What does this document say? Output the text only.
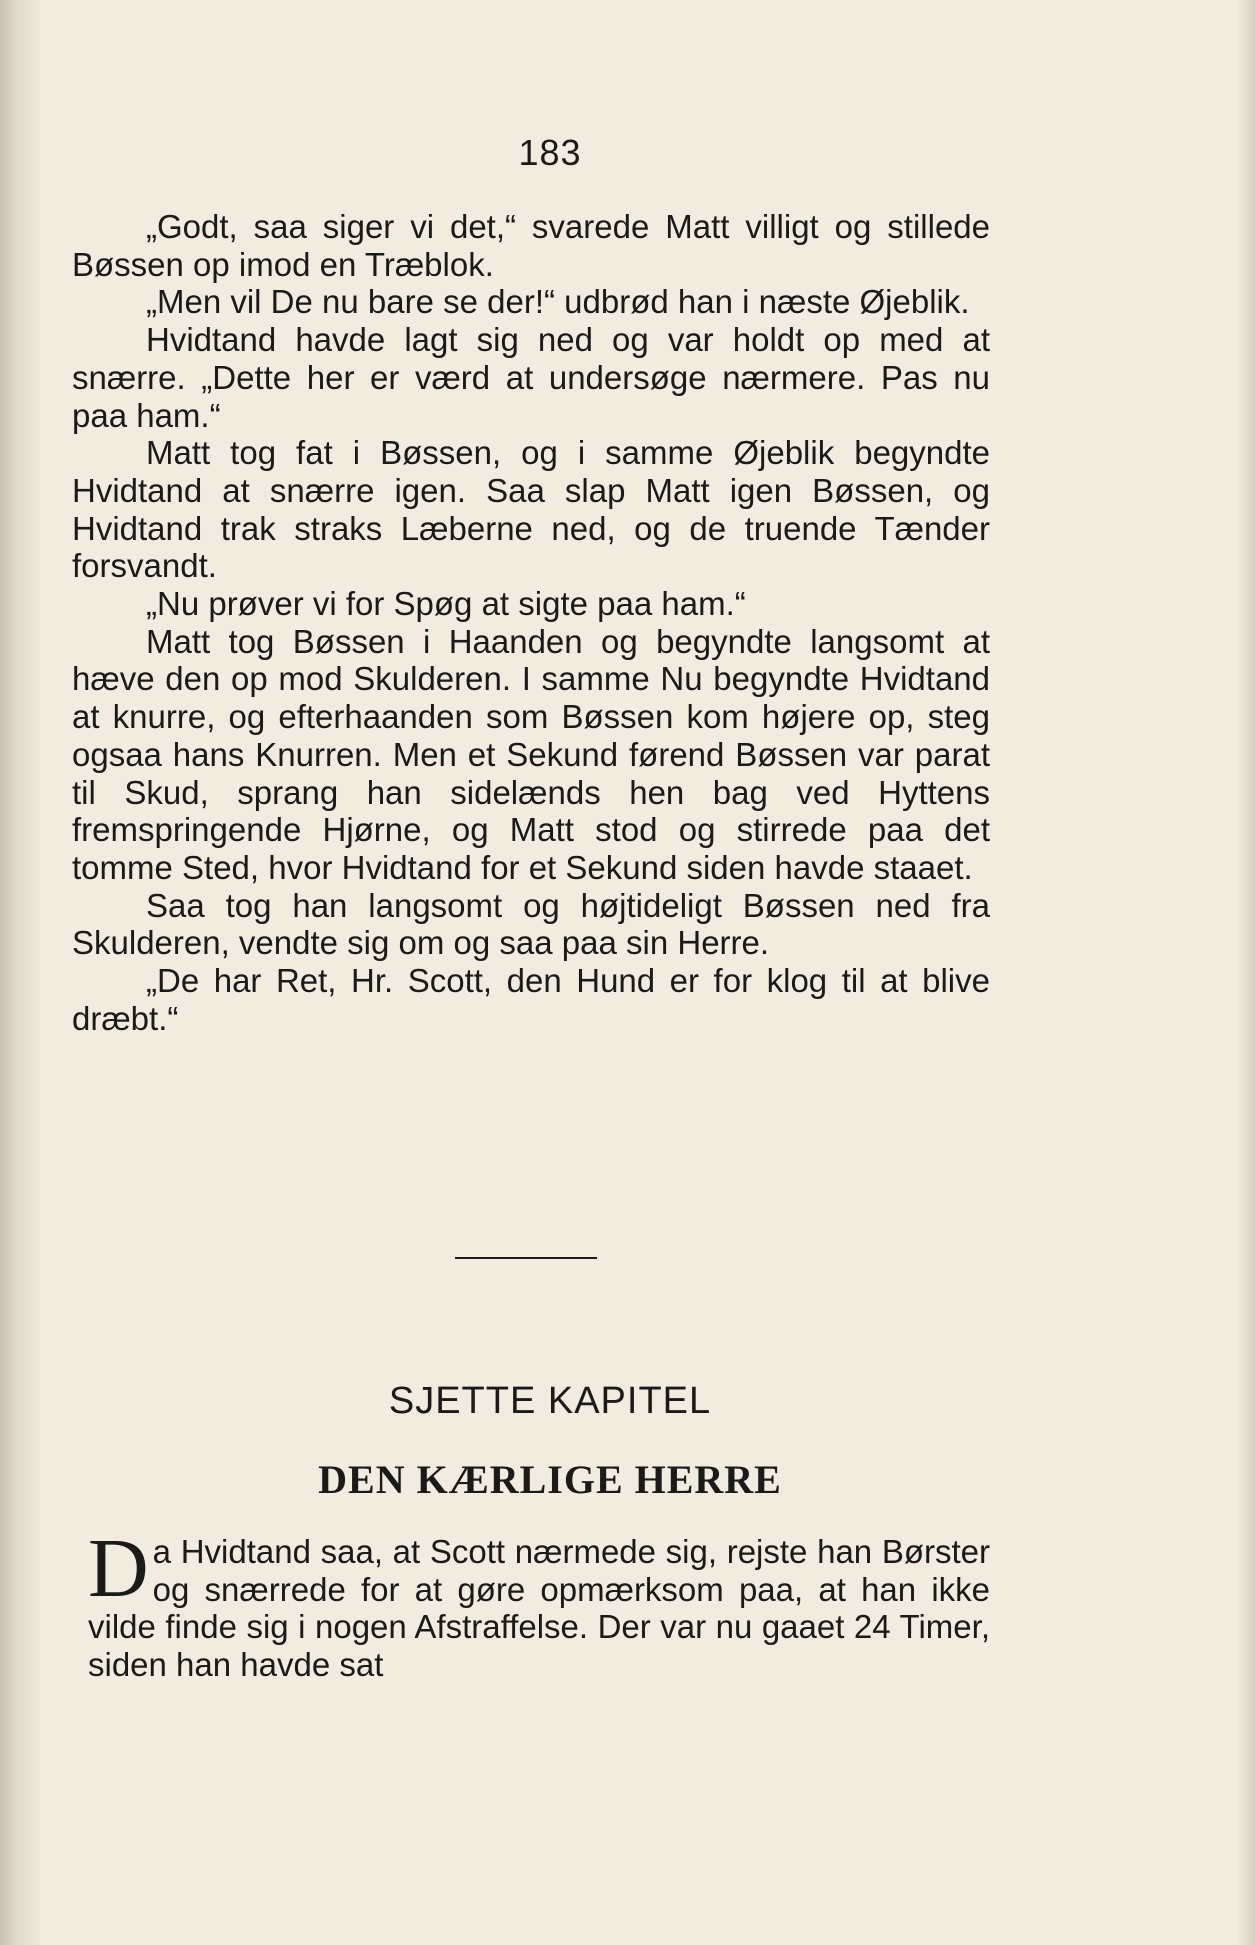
183

„Godt, saa siger vi det,“ svarede Matt villigt og stillede Bøssen op imod en Træblok.

„Men vil De nu bare se der!“ udbrød han i næste Øjeblik.

Hvidtand havde lagt sig ned og var holdt op med at snærre. „Dette her er værd at undersøge nærmere. Pas nu paa ham.“

Matt tog fat i Bøssen, og i samme Øjeblik begyndte Hvidtand at snærre igen. Saa slap Matt igen Bøssen, og Hvidtand trak straks Læberne ned, og de truende Tænder forsvandt.

„Nu prøver vi for Spøg at sigte paa ham.“

Matt tog Bøssen i Haanden og begyndte langsomt at hæve den op mod Skulderen. I samme Nu begyndte Hvidtand at knurre, og efterhaanden som Bøssen kom højere op, steg ogsaa hans Knurren. Men et Sekund førend Bøssen var parat til Skud, sprang han sidelænds hen bag ved Hyttens fremspringende Hjørne, og Matt stod og stirrede paa det tomme Sted, hvor Hvidtand for et Sekund siden havde staaet.

Saa tog han langsomt og højtideligt Bøssen ned fra Skulderen, vendte sig om og saa paa sin Herre.

„De har Ret, Hr. Scott, den Hund er for klog til at blive dræbt.“

SJETTE KAPITEL
DEN KÆRLIGE HERRE

Da Hvidtand saa, at Scott nærmede sig, rejste han Børster og snærrede for at gøre opmærksom paa, at han ikke vilde finde sig i nogen Afstraffelse. Der var nu gaaet 24 Timer, siden han havde sat
